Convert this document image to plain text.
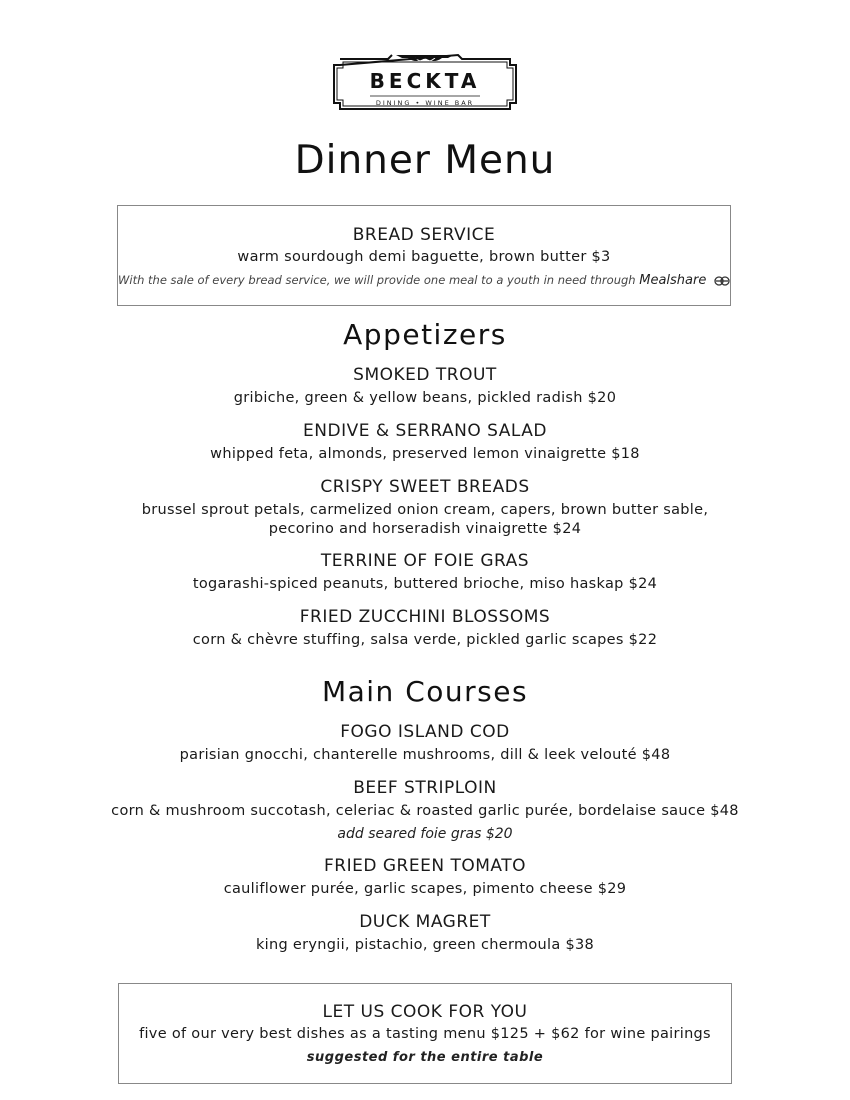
BECKTA
DINING • WINE BAR
Dinner Menu
BREAD SERVICE
warm sourdough demi baguette, brown butter $3
With the sale of every bread service, we will provide one meal to a youth in need through Mealshare
Appetizers
SMOKED TROUT
gribiche, green & yellow beans, pickled radish $20
ENDIVE & SERRANO SALAD
whipped feta, almonds, preserved lemon vinaigrette $18
CRISPY SWEET BREADS
brussel sprout petals, carmelized onion cream, capers, brown butter sable,
pecorino and horseradish vinaigrette $24
TERRINE OF FOIE GRAS
togarashi-spiced peanuts, buttered brioche, miso haskap $24
FRIED ZUCCHINI BLOSSOMS
corn & chèvre stuffing, salsa verde, pickled garlic scapes $22
Main Courses
FOGO ISLAND COD
parisian gnocchi, chanterelle mushrooms, dill & leek velouté $48
BEEF STRIPLOIN
corn & mushroom succotash, celeriac & roasted garlic purée, bordelaise sauce $48
add seared foie gras $20
FRIED GREEN TOMATO
cauliflower purée, garlic scapes, pimento cheese $29
DUCK MAGRET
king eryngii, pistachio, green chermoula $38
LET US COOK FOR YOU
five of our very best dishes as a tasting menu $125 + $62 for wine pairings
suggested for the entire table
